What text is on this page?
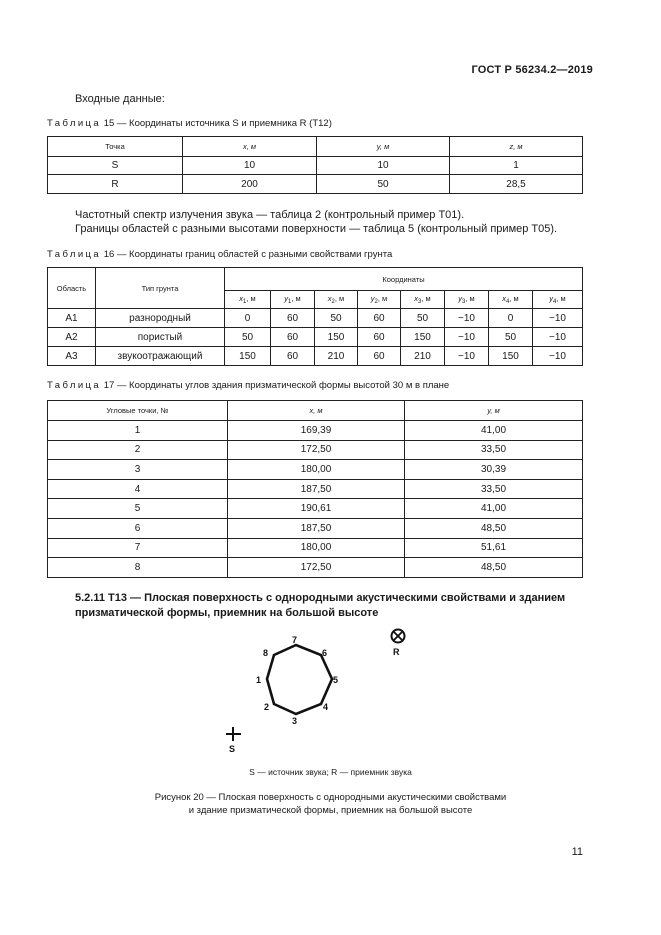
ГОСТ Р 56234.2—2019
Входные данные:
Таблица 15 — Координаты источника S и приемника R (T12)
Точка	x, м	y, м	z, м
S	10	10	1
R	200	50	28,5
Частотный спектр излучения звука — таблица 2 (контрольный пример T01).
Границы областей с разными высотами поверхности — таблица 5 (контрольный пример T05).
Таблица 16 — Координаты границ областей с разными свойствами грунта
Область	Тип грунта	Координаты							
		$x_1$, м	$y_1$, м	$x_2$, м	$y_2$, м	$x_3$, м	$y_3$, м	$x_4$, м	$y_4$, м
A1	разнородный	0	60	50	60	50	−10	0	−10
A2	пористый	50	60	150	60	150	−10	50	−10
A3	звукоотражающий	150	60	210	60	210	−10	150	−10
Таблица 17 — Координаты углов здания призматической формы высотой 30 м в плане
Угловые точки, №	x, м	y, м
1	169,39	41,00
2	172,50	33,50
3	180,00	30,39
4	187,50	33,50
5	190,61	41,00
6	187,50	48,50
7	180,00	51,61
8	172,50	48,50
5.2.11 T13 — Плоская поверхность с однородными акустическими свойствами и зданием призматической формы, приемник на большой высоте
1
2
3
4
5
6
7
8
S
R
S — источник звука; R — приемник звука
Рисунок 20 — Плоская поверхность с однородными акустическими свойствами
и здание призматической формы, приемник на большой высоте
11
